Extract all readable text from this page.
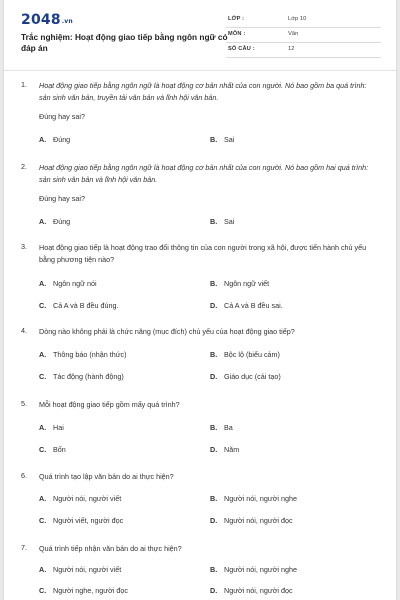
2048.vn
Trắc nghiệm: Hoạt động giao tiếp bằng ngôn ngữ có đáp án
LỚP :	Lớp 10
MÔN :	Văn
SỐ CÂU :	12
1. Hoạt động giao tiếp bằng ngôn ngữ là hoạt động cơ bản nhất của con người. Nó bao gồm ba quá trình: sản sinh văn bản, truyền tải văn bản và lĩnh hội văn bản.
Đúng hay sai?
A. Đúng	B. Sai
2. Hoạt động giao tiếp bằng ngôn ngữ là hoạt động cơ bản nhất của con người. Nó bao gồm hai quá trình: sản sinh văn bản và lĩnh hội văn bản.
Đúng hay sai?
A. Đúng	B. Sai
3. Hoạt động giao tiếp là hoạt động trao đổi thông tin của con người trong xã hội, được tiến hành chủ yếu bằng phương tiện nào?
A. Ngôn ngữ nói	B. Ngôn ngữ viết
C. Cả A và B đều đúng.	D. Cả A và B đều sai.
4. Dòng nào không phải là chức năng (mục đích) chủ yếu của hoạt động giao tiếp?
A. Thông báo (nhận thức)	B. Bộc lộ (biểu cảm)
C. Tác động (hành động)	D. Giáo dục (cải tạo)
5. Mỗi hoạt động giao tiếp gồm mấy quá trình?
A. Hai	B. Ba
C. Bốn	D. Năm
6. Quá trình tạo lập văn bản do ai thực hiện?
A. Người nói, người viết	B. Người nói, người nghe
C. Người viết, người đọc	D. Người nói, người đọc
7. Quá trình tiếp nhận văn bản do ai thực hiện?
A. Người nói, người viết	B. Người nói, người nghe
C. Người nghe, người đọc	D. Người nói, người đọc
